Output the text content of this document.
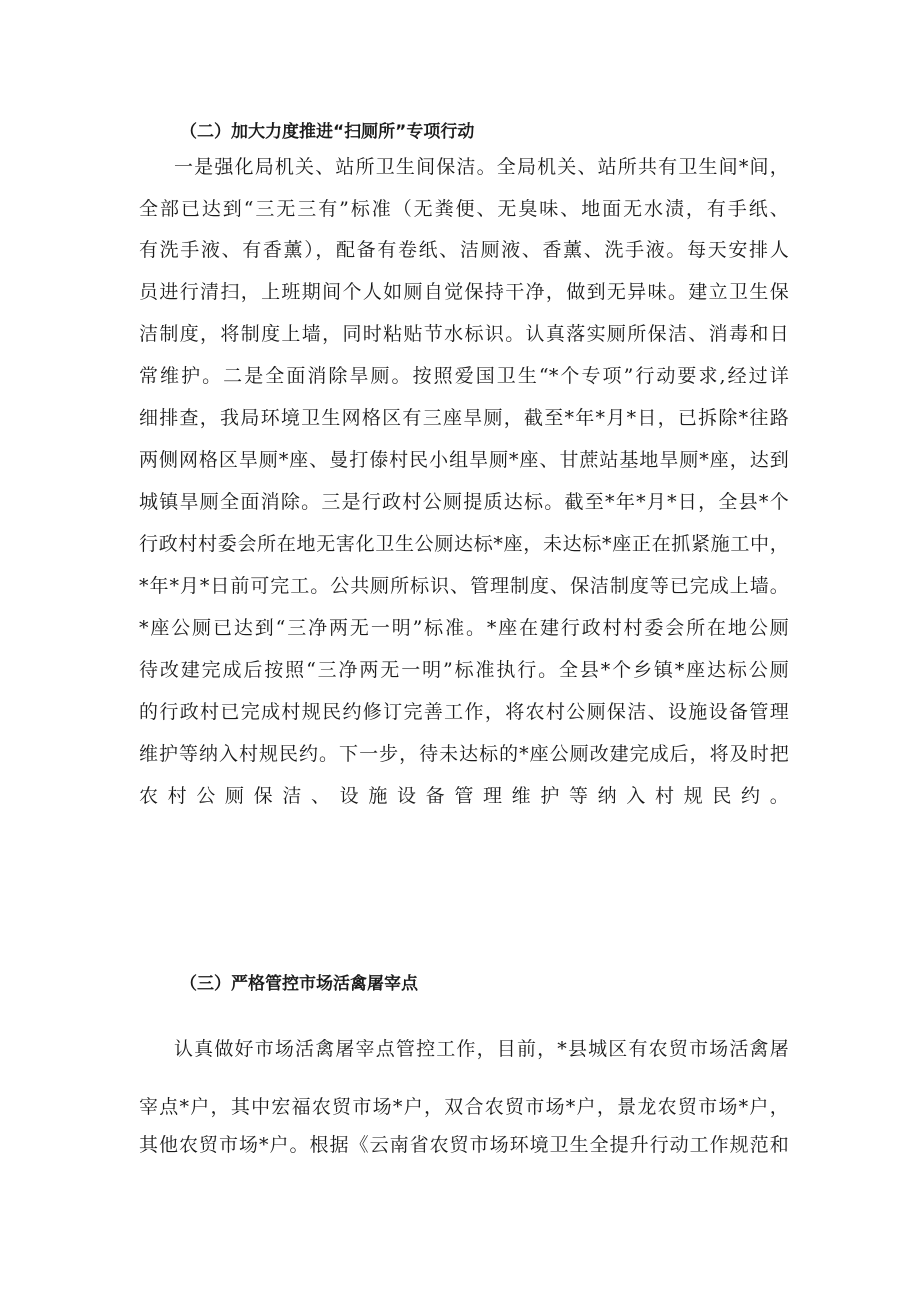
（二）加大力度推进“扫厕所”专项行动

一是强化局机关、站所卫生间保洁。全局机关、站所共有卫生间*间，

全部已达到“三无三有”标准（无粪便、无臭味、地面无水渍，有手纸、

有洗手液、有香薰），配备有卷纸、洁厕液、香薰、洗手液。每天安排人

员进行清扫，上班期间个人如厕自觉保持干净，做到无异味。建立卫生保

洁制度，将制度上墙，同时粘贴节水标识。认真落实厕所保洁、消毒和日

常维护。二是全面消除旱厕。按照爱国卫生“*个专项”行动要求,经过详

细排查，我局环境卫生网格区有三座旱厕，截至*年*月*日，已拆除*往路

两侧网格区旱厕*座、曼打傣村民小组旱厕*座、甘蔗站基地旱厕*座，达到

城镇旱厕全面消除。三是行政村公厕提质达标。截至*年*月*日，全县*个

行政村村委会所在地无害化卫生公厕达标*座，未达标*座正在抓紧施工中，

*年*月*日前可完工。公共厕所标识、管理制度、保洁制度等已完成上墙。

*座公厕已达到“三净两无一明”标准。*座在建行政村村委会所在地公厕

待改建完成后按照“三净两无一明”标准执行。全县*个乡镇*座达标公厕

的行政村已完成村规民约修订完善工作，将农村公厕保洁、设施设备管理

维护等纳入村规民约。下一步，待未达标的*座公厕改建完成后，将及时把

农村公厕保洁、设施设备管理维护等纳入村规民约。

（三）严格管控市场活禽屠宰点

认真做好市场活禽屠宰点管控工作，目前，*县城区有农贸市场活禽屠

宰点*户，其中宏福农贸市场*户，双合农贸市场*户，景龙农贸市场*户，

其他农贸市场*户。根据《云南省农贸市场环境卫生全提升行动工作规范和
